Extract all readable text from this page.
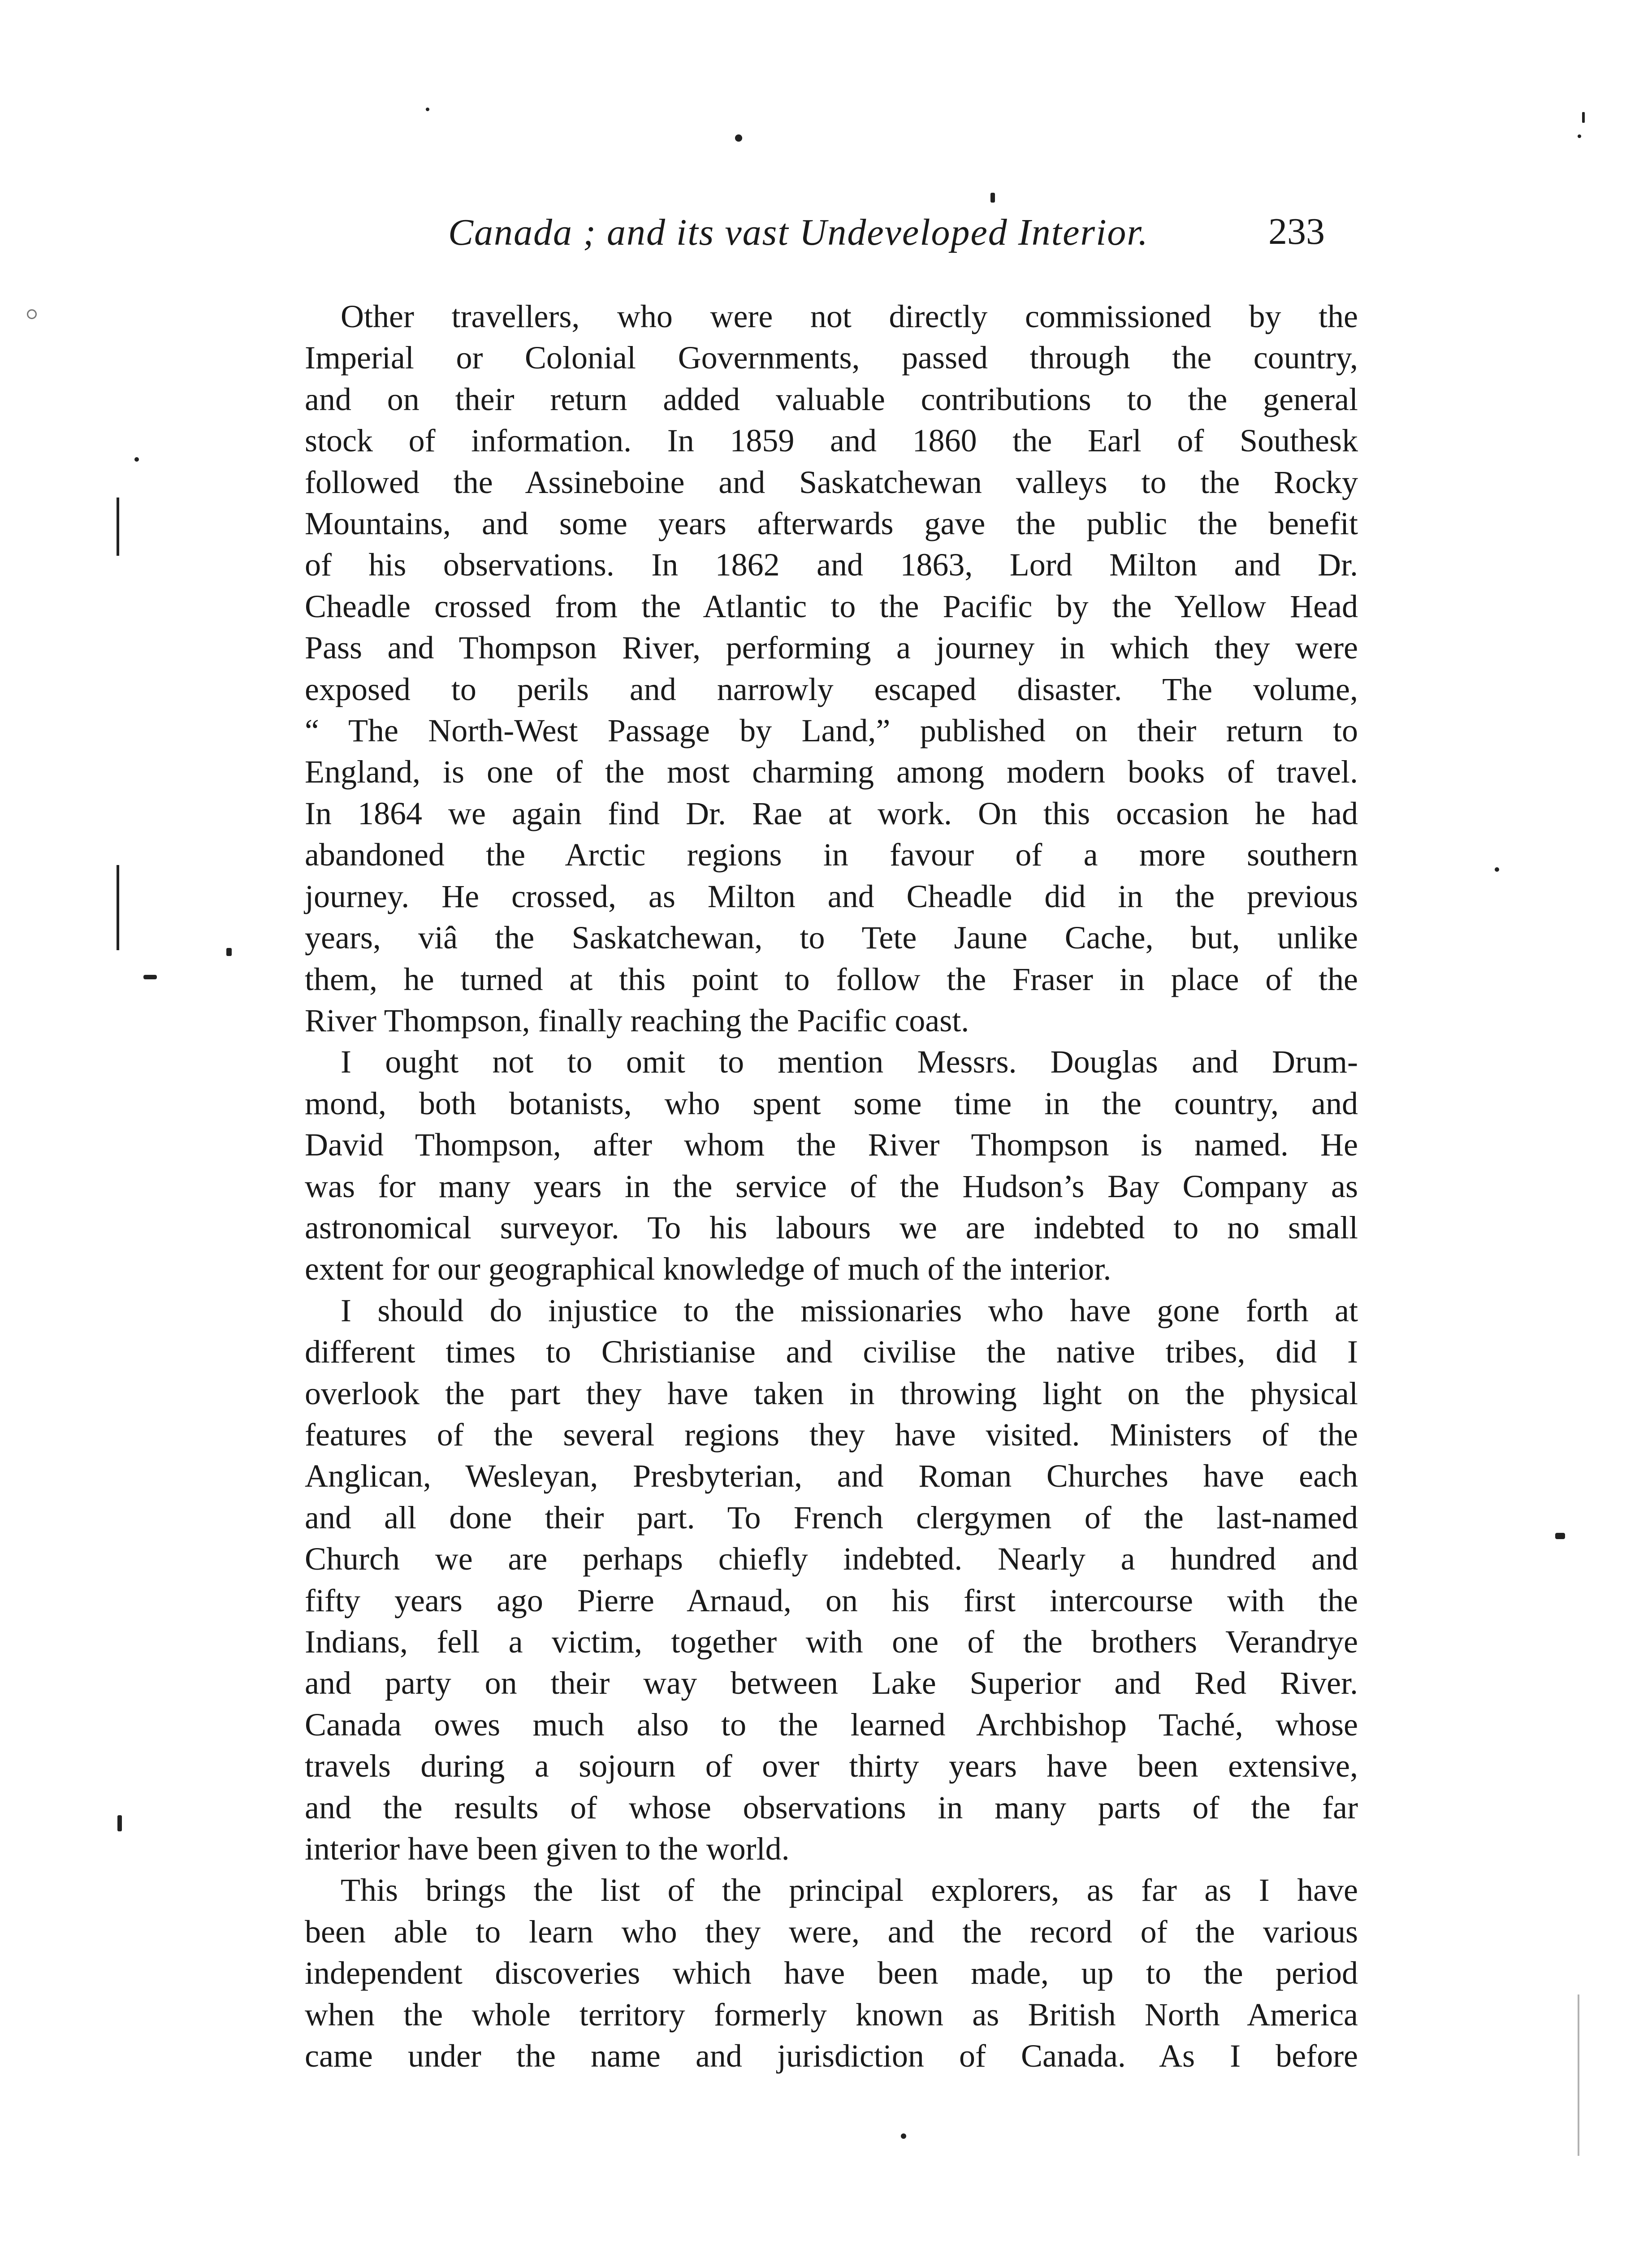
Canada ; and its vast Undeveloped Interior.	233

Other travellers, who were not directly commissioned by the
Imperial or Colonial Governments, passed through the country,
and on their return added valuable contributions to the general
stock of information. In 1859 and 1860 the Earl of Southesk
followed the Assineboine and Saskatchewan valleys to the Rocky
Mountains, and some years afterwards gave the public the benefit
of his observations. In 1862 and 1863, Lord Milton and Dr.
Cheadle crossed from the Atlantic to the Pacific by the Yellow Head
Pass and Thompson River, performing a journey in which they were
exposed to perils and narrowly escaped disaster. The volume,
“ The North-West Passage by Land,” published on their return to
England, is one of the most charming among modern books of travel.
In 1864 we again find Dr. Rae at work. On this occasion he had
abandoned the Arctic regions in favour of a more southern
journey. He crossed, as Milton and Cheadle did in the previous
years, viâ the Saskatchewan, to Tete Jaune Cache, but, unlike
them, he turned at this point to follow the Fraser in place of the
River Thompson, finally reaching the Pacific coast.

I ought not to omit to mention Messrs. Douglas and Drum-
mond, both botanists, who spent some time in the country, and
David Thompson, after whom the River Thompson is named. He
was for many years in the service of the Hudson’s Bay Company as
astronomical surveyor. To his labours we are indebted to no small
extent for our geographical knowledge of much of the interior.

I should do injustice to the missionaries who have gone forth at
different times to Christianise and civilise the native tribes, did I
overlook the part they have taken in throwing light on the physical
features of the several regions they have visited. Ministers of the
Anglican, Wesleyan, Presbyterian, and Roman Churches have each
and all done their part. To French clergymen of the last-named
Church we are perhaps chiefly indebted. Nearly a hundred and
fifty years ago Pierre Arnaud, on his first intercourse with the
Indians, fell a victim, together with one of the brothers Verandrye
and party on their way between Lake Superior and Red River.
Canada owes much also to the learned Archbishop Taché, whose
travels during a sojourn of over thirty years have been extensive,
and the results of whose observations in many parts of the far
interior have been given to the world.

This brings the list of the principal explorers, as far as I have
been able to learn who they were, and the record of the various
independent discoveries which have been made, up to the period
when the whole territory formerly known as British North America
came under the name and jurisdiction of Canada. As I before
